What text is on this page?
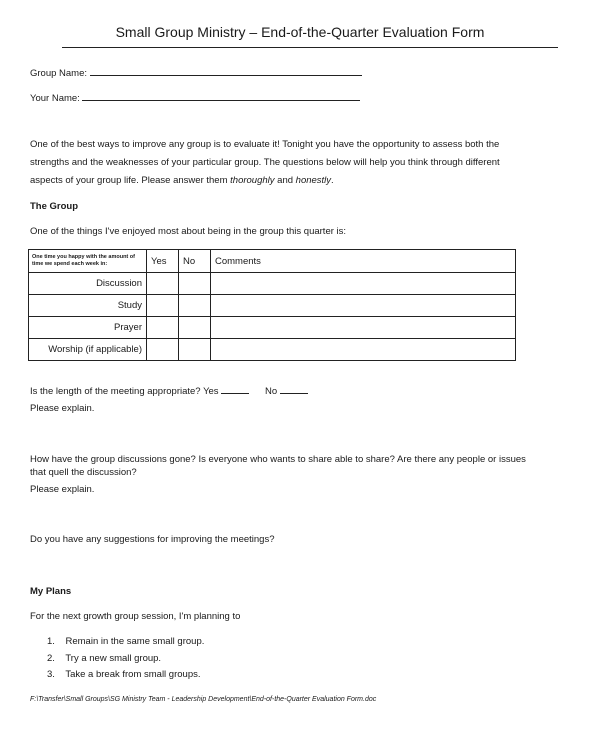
Small Group Ministry – End-of-the-Quarter Evaluation Form
Group Name:
Your Name:
One of the best ways to improve any group is to evaluate it! Tonight you have the opportunity to assess both the
strengths and the weaknesses of your particular group. The questions below will help you think through different
aspects of your group life. Please answer them thoroughly and honestly.
The Group
One of the things I've enjoyed most about being in the group this quarter is:
One time you happy with the amount of time we spend each week in:	Yes	No	Comments
Discussion			
Study			
Prayer			
Worship (if applicable)			
Is the length of the meeting appropriate? Yes	No
Please explain.
How have the group discussions gone? Is everyone who wants to share able to share? Are there any people or issues
that quell the discussion?
Please explain.
Do you have any suggestions for improving the meetings?
My Plans
For the next growth group session, I'm planning to
1. Remain in the same small group.
2. Try a new small group.
3. Take a break from small groups.
F:\Transfer\Small Groups\SG Ministry Team - Leadership Development\End-of-the-Quarter Evaluation Form.doc
